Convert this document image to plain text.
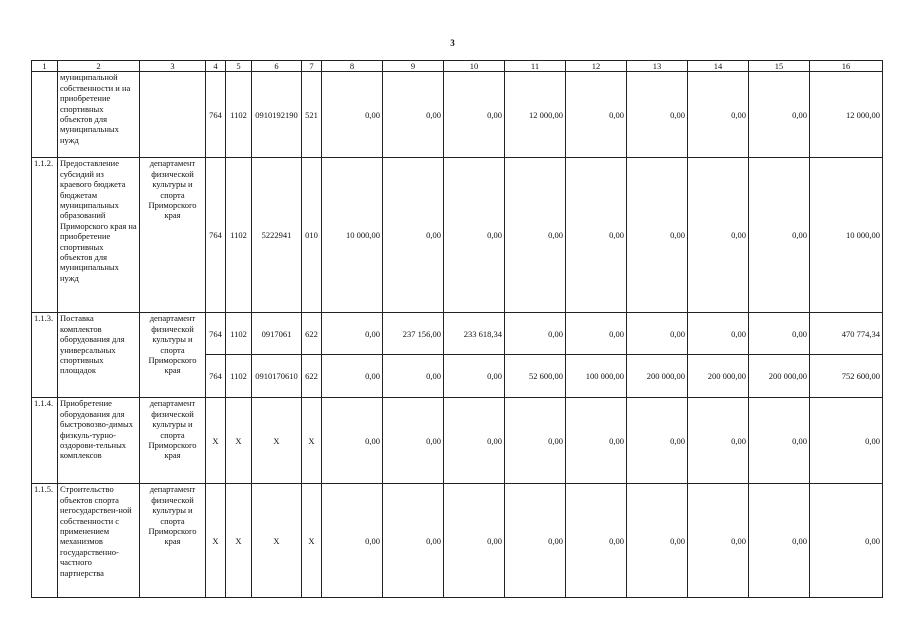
3
1	2	3	4	5	6	7	8	9	10	11	12	13	14	15	16
	муниципальной собственности и на приобретение спортивных объектов для муниципальных нужд		764	1102	0910192190	521	0,00	0,00	0,00	12 000,00	0,00	0,00	0,00	0,00	12 000,00
1.1.2.	Предоставление субсидий из краевого бюджета бюджетам муниципальных образований Приморского края на приобретение спортивных объектов для муниципальных нужд	департамент физической культуры и спорта Приморского края	764	1102	5222941	010	10 000,00	0,00	0,00	0,00	0,00	0,00	0,00	0,00	10 000,00
1.1.3.	Поставка комплектов оборудования для универсальных спортивных площадок	департамент физической культуры и спорта Приморского края	764	1102	0917061	622	0,00	237 156,00	233 618,34	0,00	0,00	0,00	0,00	0,00	470 774,34
			764	1102	0910170610	622	0,00	0,00	0,00	52 600,00	100 000,00	200 000,00	200 000,00	200 000,00	752 600,00
1.1.4.	Приобретение оборудования для быстровозво-димых физкуль-турно-оздорови-тельных комплексов	департамент физической культуры и спорта Приморского края	X	X	X	X	0,00	0,00	0,00	0,00	0,00	0,00	0,00	0,00	0,00
1.1.5.	Строительство объектов спорта негосударствен-ной собственности с применением механизмов государственно-частного партнерства	департамент физической культуры и спорта Приморского края	X	X	X	X	0,00	0,00	0,00	0,00	0,00	0,00	0,00	0,00	0,00
